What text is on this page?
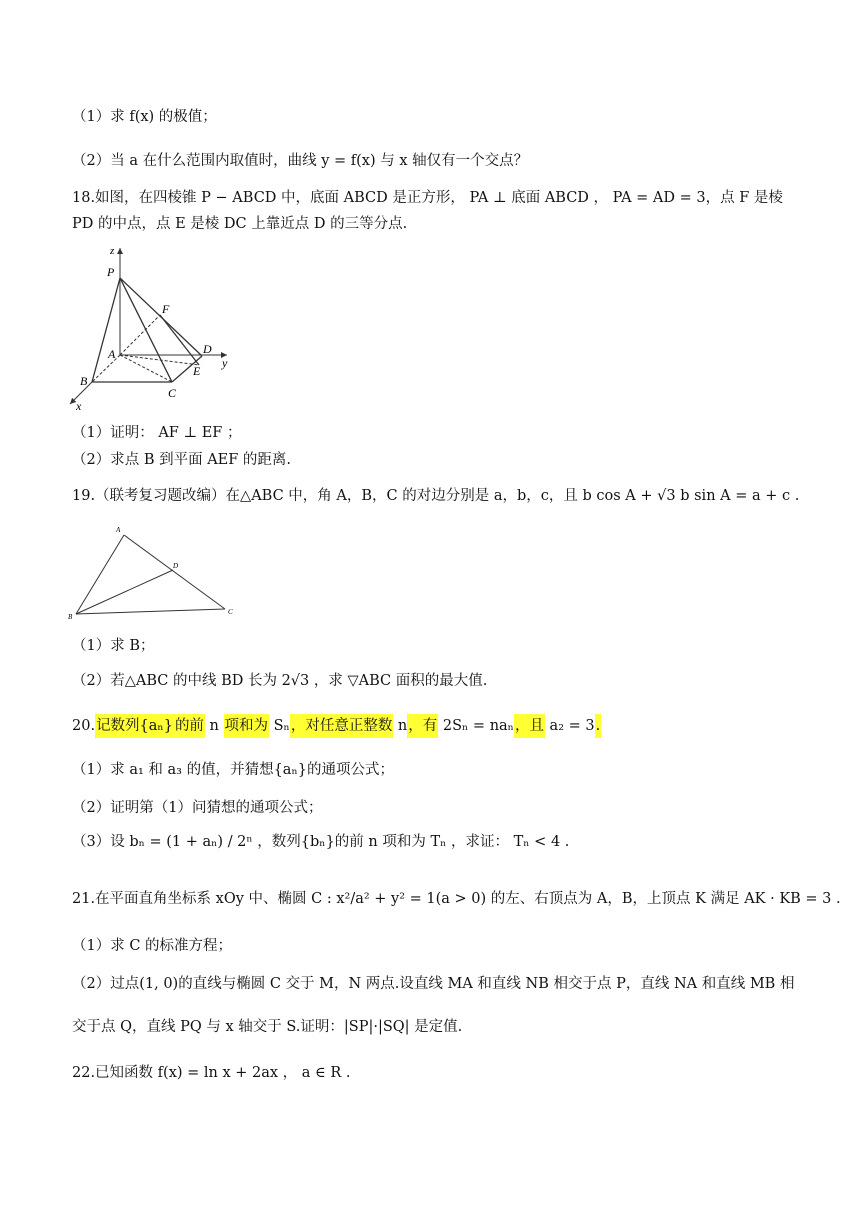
（1）求 f(x) 的极值；
（2）当 a 在什么范围内取值时，曲线 y = f(x) 与 x 轴仅有一个交点？
18.如图，在四棱锥 P − ABCD 中，底面 ABCD 是正方形， PA ⊥ 底面 ABCD ， PA = AD = 3，点 F 是棱
PD 的中点，点 E 是棱 DC 上靠近点 D 的三等分点.
z
P
F
A	D
y
E
B
C
x
（1）证明： AF ⊥ EF ；
（2）求点 B 到平面 AEF 的距离.
19.（联考复习题改编）在△ABC 中，角 A，B，C 的对边分别是 a，b，c，且 b cos A + √3 b sin A = a + c .
A
D
B
C
（1）求 B；
（2）若△ABC 的中线 BD 长为 2√3 ，求 ▽ABC 面积的最大值.
20.记数列{aₙ} 的前 n 项和为 Sₙ，对任意正整数 n，有 2Sₙ = naₙ，且 a₂ = 3.
（1）求 a₁ 和 a₃ 的值，并猜想{aₙ}的通项公式；
（2）证明第（1）问猜想的通项公式；
（3）设 bₙ = (1 + aₙ) / 2ⁿ ，数列{bₙ}的前 n 项和为 Tₙ ，求证： Tₙ < 4 .
21.在平面直角坐标系 xOy 中、椭圆 C : x²/a² + y² = 1(a > 0) 的左、右顶点为 A，B，上顶点 K 满足 AK · KB = 3 .
（1）求 C 的标准方程；
（2）过点(1, 0)的直线与椭圆 C 交于 M，N 两点.设直线 MA 和直线 NB 相交于点 P，直线 NA 和直线 MB 相
交于点 Q，直线 PQ 与 x 轴交于 S.证明：|SP|·|SQ| 是定值.
22.已知函数 f(x) = ln x + 2ax ， a ∈ R .
